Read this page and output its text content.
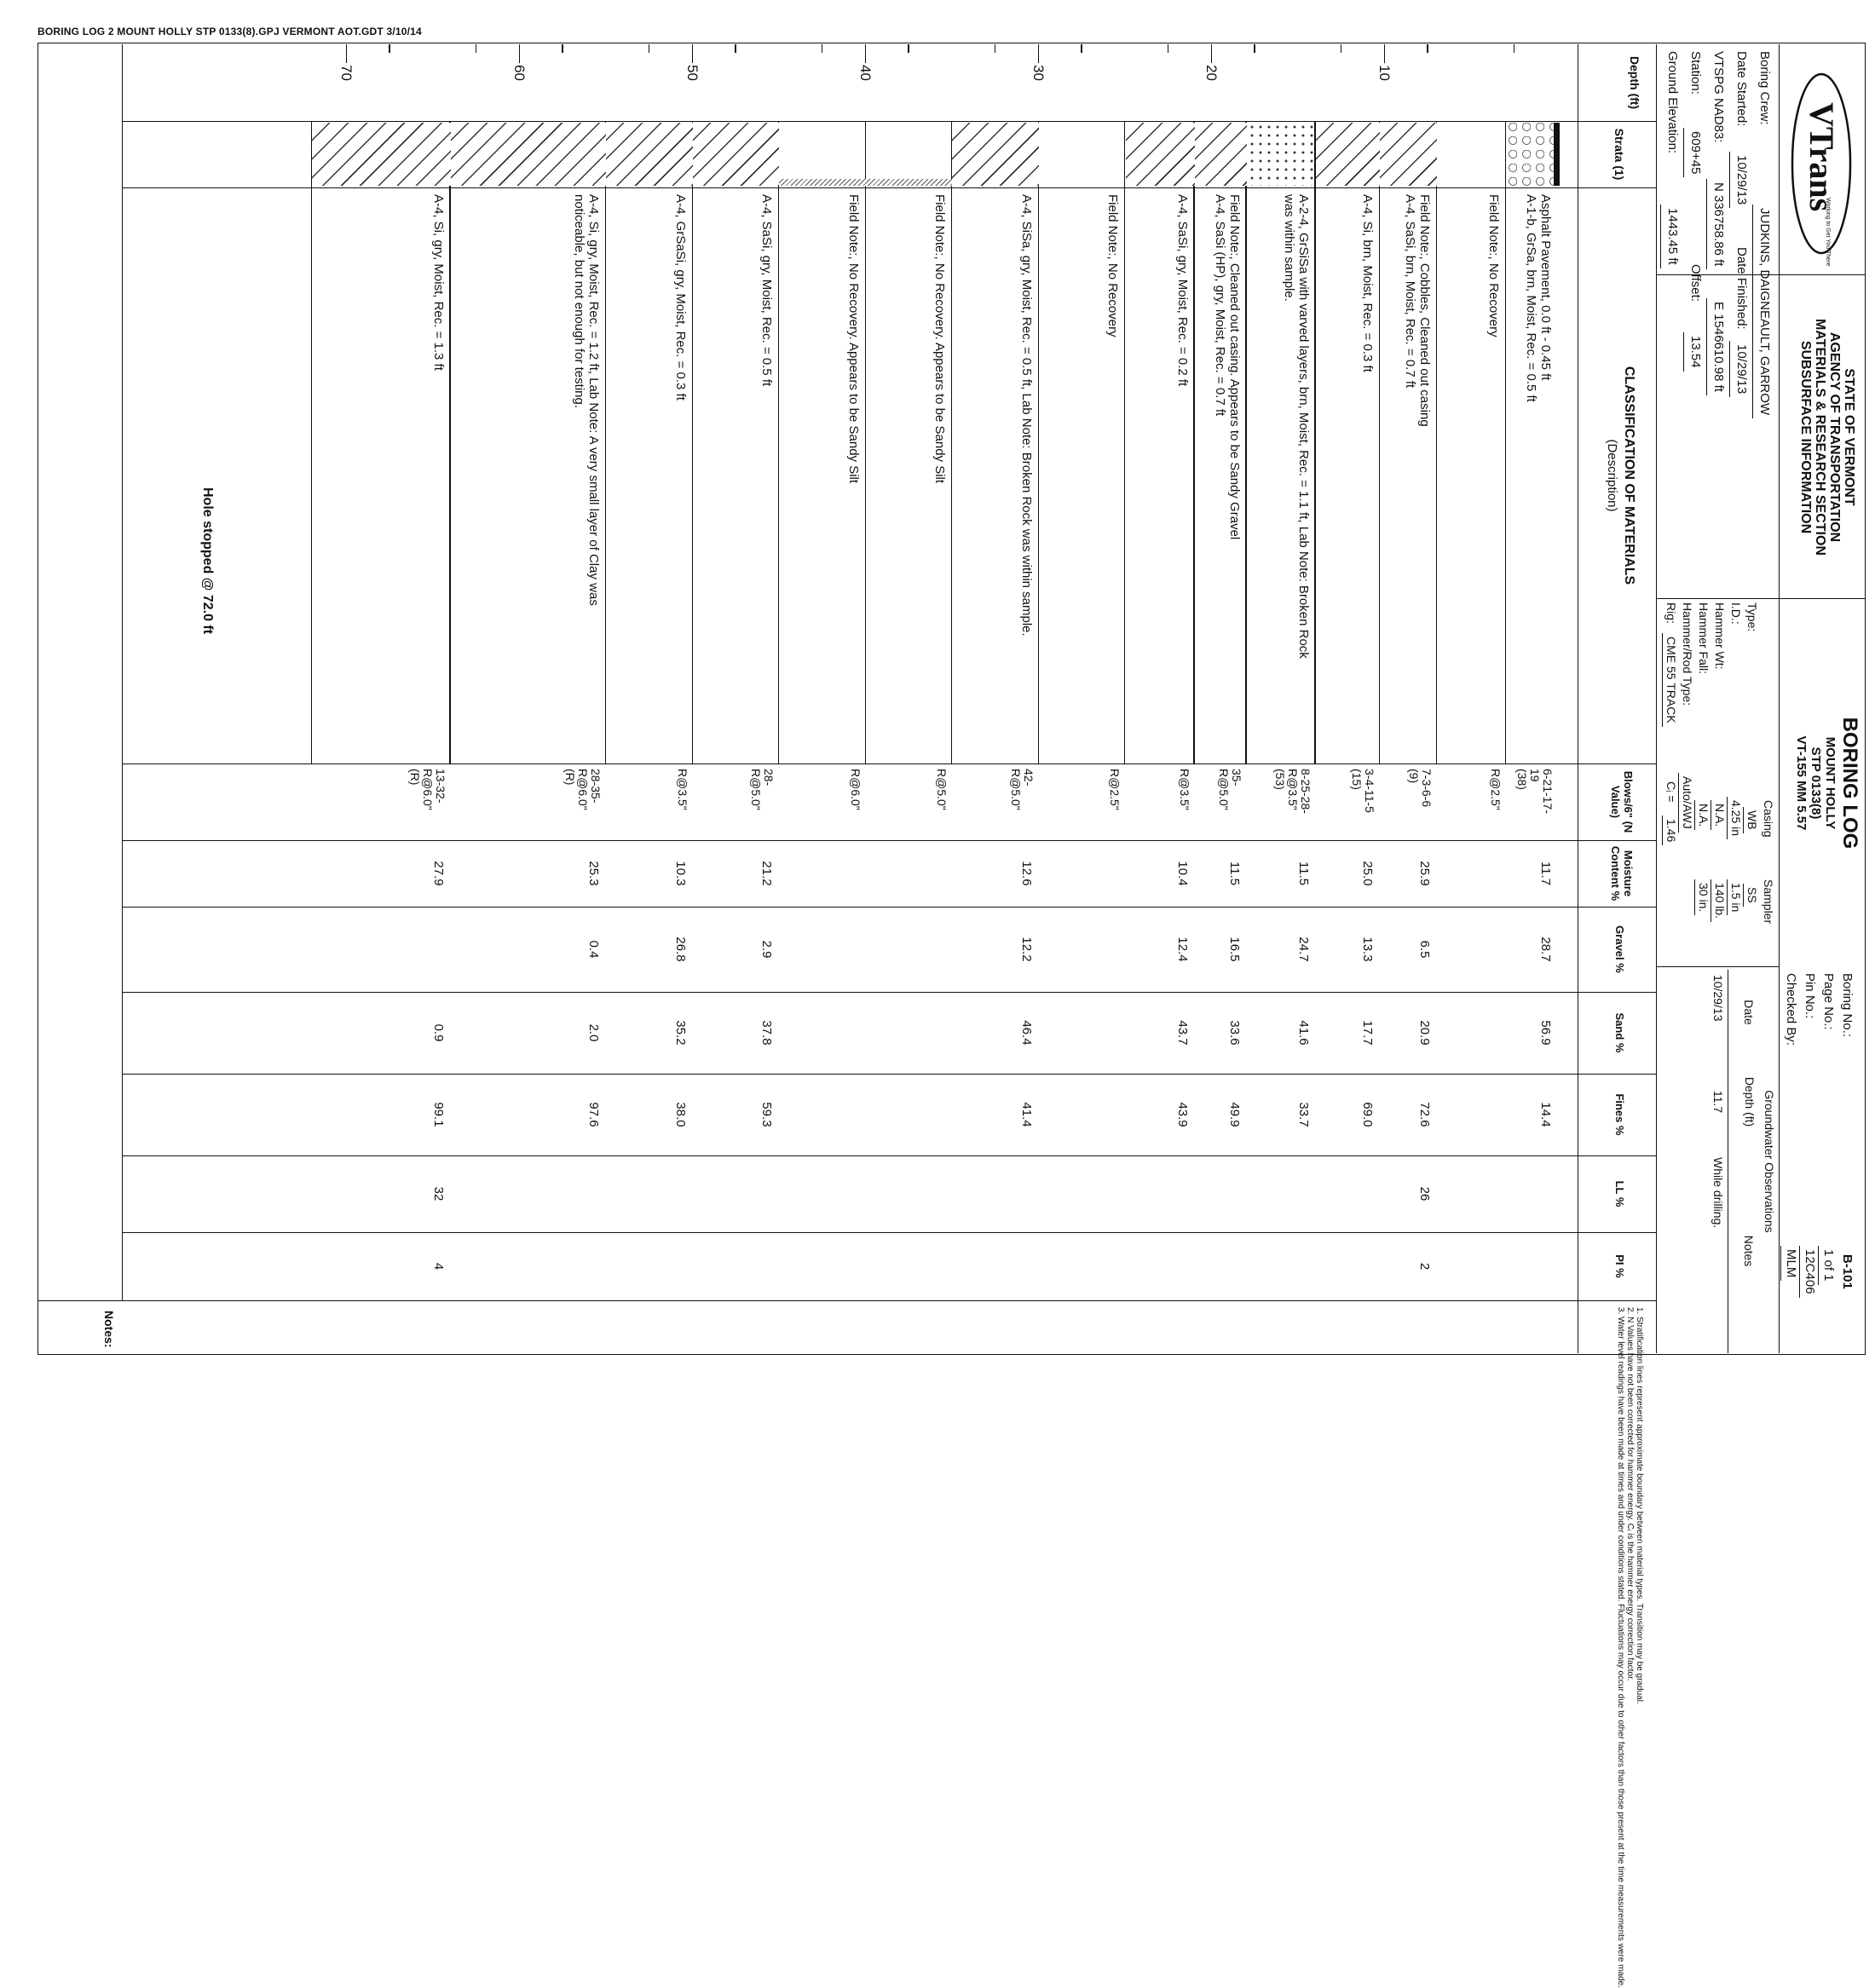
BORING LOG 2 MOUNT HOLLY STP 0133(8).GPJ VERMONT AOT.GDT 3/10/14
VTrans
Working to Get You There
STATE OF VERMONT
AGENCY OF TRANSPORTATION
MATERIALS & RESEARCH SECTION
SUBSURFACE INFORMATION
BORING LOG
MOUNT HOLLY
STP 0133(8)
VT-155 MM 5.57
Boring No.:
B-101
Page No.:
1 of 1
Pin No.:
12C406
Checked By:
MLM
Boring Crew:
JUDKINS, DAIGNEAULT, GARROW
Date Started:
10/29/13
Date Finished:
10/29/13
VTSPG NAD83:
N 336758.86 ft
E 1546610.98 ft
Station:
609+45
Offset:
13.54
Ground Elevation:
1443.45 ft
Casing
Sampler
Type:
WB
SS
I.D.:
4.25 in
1.5 in
Hammer Wt:
N.A.
140 lb.
Hammer Fall:
N.A.
30 in.
Hammer/Rod Type:
Auto/AWJ
Rig:
CME 55 TRACK
Cᵢ =
1.46
Groundwater Observations
Date
Depth (ft)
Notes
10/29/13
11.7
While drilling.
Depth (ft)
Strata (1)
CLASSIFICATION OF MATERIALS
(Description)
Blows/6" (N Value)
Moisture Content %
Gravel %
Sand %
Fines %
LL %
PI %
10
20
30
40
50
60
70
Asphalt Pavement, 0.0 ft - 0.45 ft
A-1-b, GrSa, brn, Moist, Rec. = 0.5 ft
6-21-17-
19
(38)
11.7
28.7
56.9
14.4
Field Note:, No Recovery
R@2.5"
Field Note:, Cobbles, Cleaned out casing
A-4, SaSi, brn, Moist, Rec. = 0.7 ft
7-3-6-6
(9)
25.9
6.5
20.9
72.6
26
2
A-4, Si, brn, Moist, Rec. = 0.3 ft
3-4-11-5
(15)
25.0
13.3
17.7
69.0
A-2-4, GrSiSa with varved layers, brn, Moist, Rec. = 1.1 ft, Lab Note: Broken Rock
was within sample.
8-25-28-
R@3.5"
(53)
11.5
24.7
41.6
33.7
Field Note:, Cleaned out casing. Appears to be Sandy Gravel
A-4, SaSi (HP), gry, Moist, Rec. = 0.7 ft
35-
R@5.0"
11.5
16.5
33.6
49.9
A-4, SaSi, gry, Moist, Rec. = 0.2 ft
R@3.5"
10.4
12.4
43.7
43.9
Field Note:, No Recovery
R@2.5"
A-4, SiSa, gry, Moist, Rec. = 0.5 ft, Lab Note: Broken Rock was within sample.
42-
R@5.0"
12.6
12.2
46.4
41.4
Field Note:, No Recovery. Appears to be Sandy Silt
R@5.0"
Field Note:, No Recovery. Appears to be Sandy Silt
R@6.0"
A-4, SaSi, gry, Moist, Rec. = 0.5 ft
28-
R@5.0"
21.2
2.9
37.8
59.3
A-4, GrSaSi, gry, Moist, Rec. = 0.3 ft
R@3.5"
10.3
26.8
35.2
38.0
A-4, Si, gry, Moist, Rec. = 1.2 ft, Lab Note: A very small layer of Clay was
noticeable, but not enough for testing.
28-35-
R@6.0"
(R)
25.3
0.4
2.0
97.6
A-4, Si, gry, Moist, Rec. = 1.3 ft
13-32-
R@6.0"
(R)
27.9
0.9
99.1
32
4
Hole stopped @ 72.0 ft
Notes:	1. Stratification lines represent approximate boundary between material types. Transition may be gradual.
2. N Values have not been corrected for hammer energy. Cᵢ is the hammer energy correction factor.
3. Water level readings have been made at times and under conditions stated. Fluctuations may occur due to other factors than those present at the time measurements were made.
